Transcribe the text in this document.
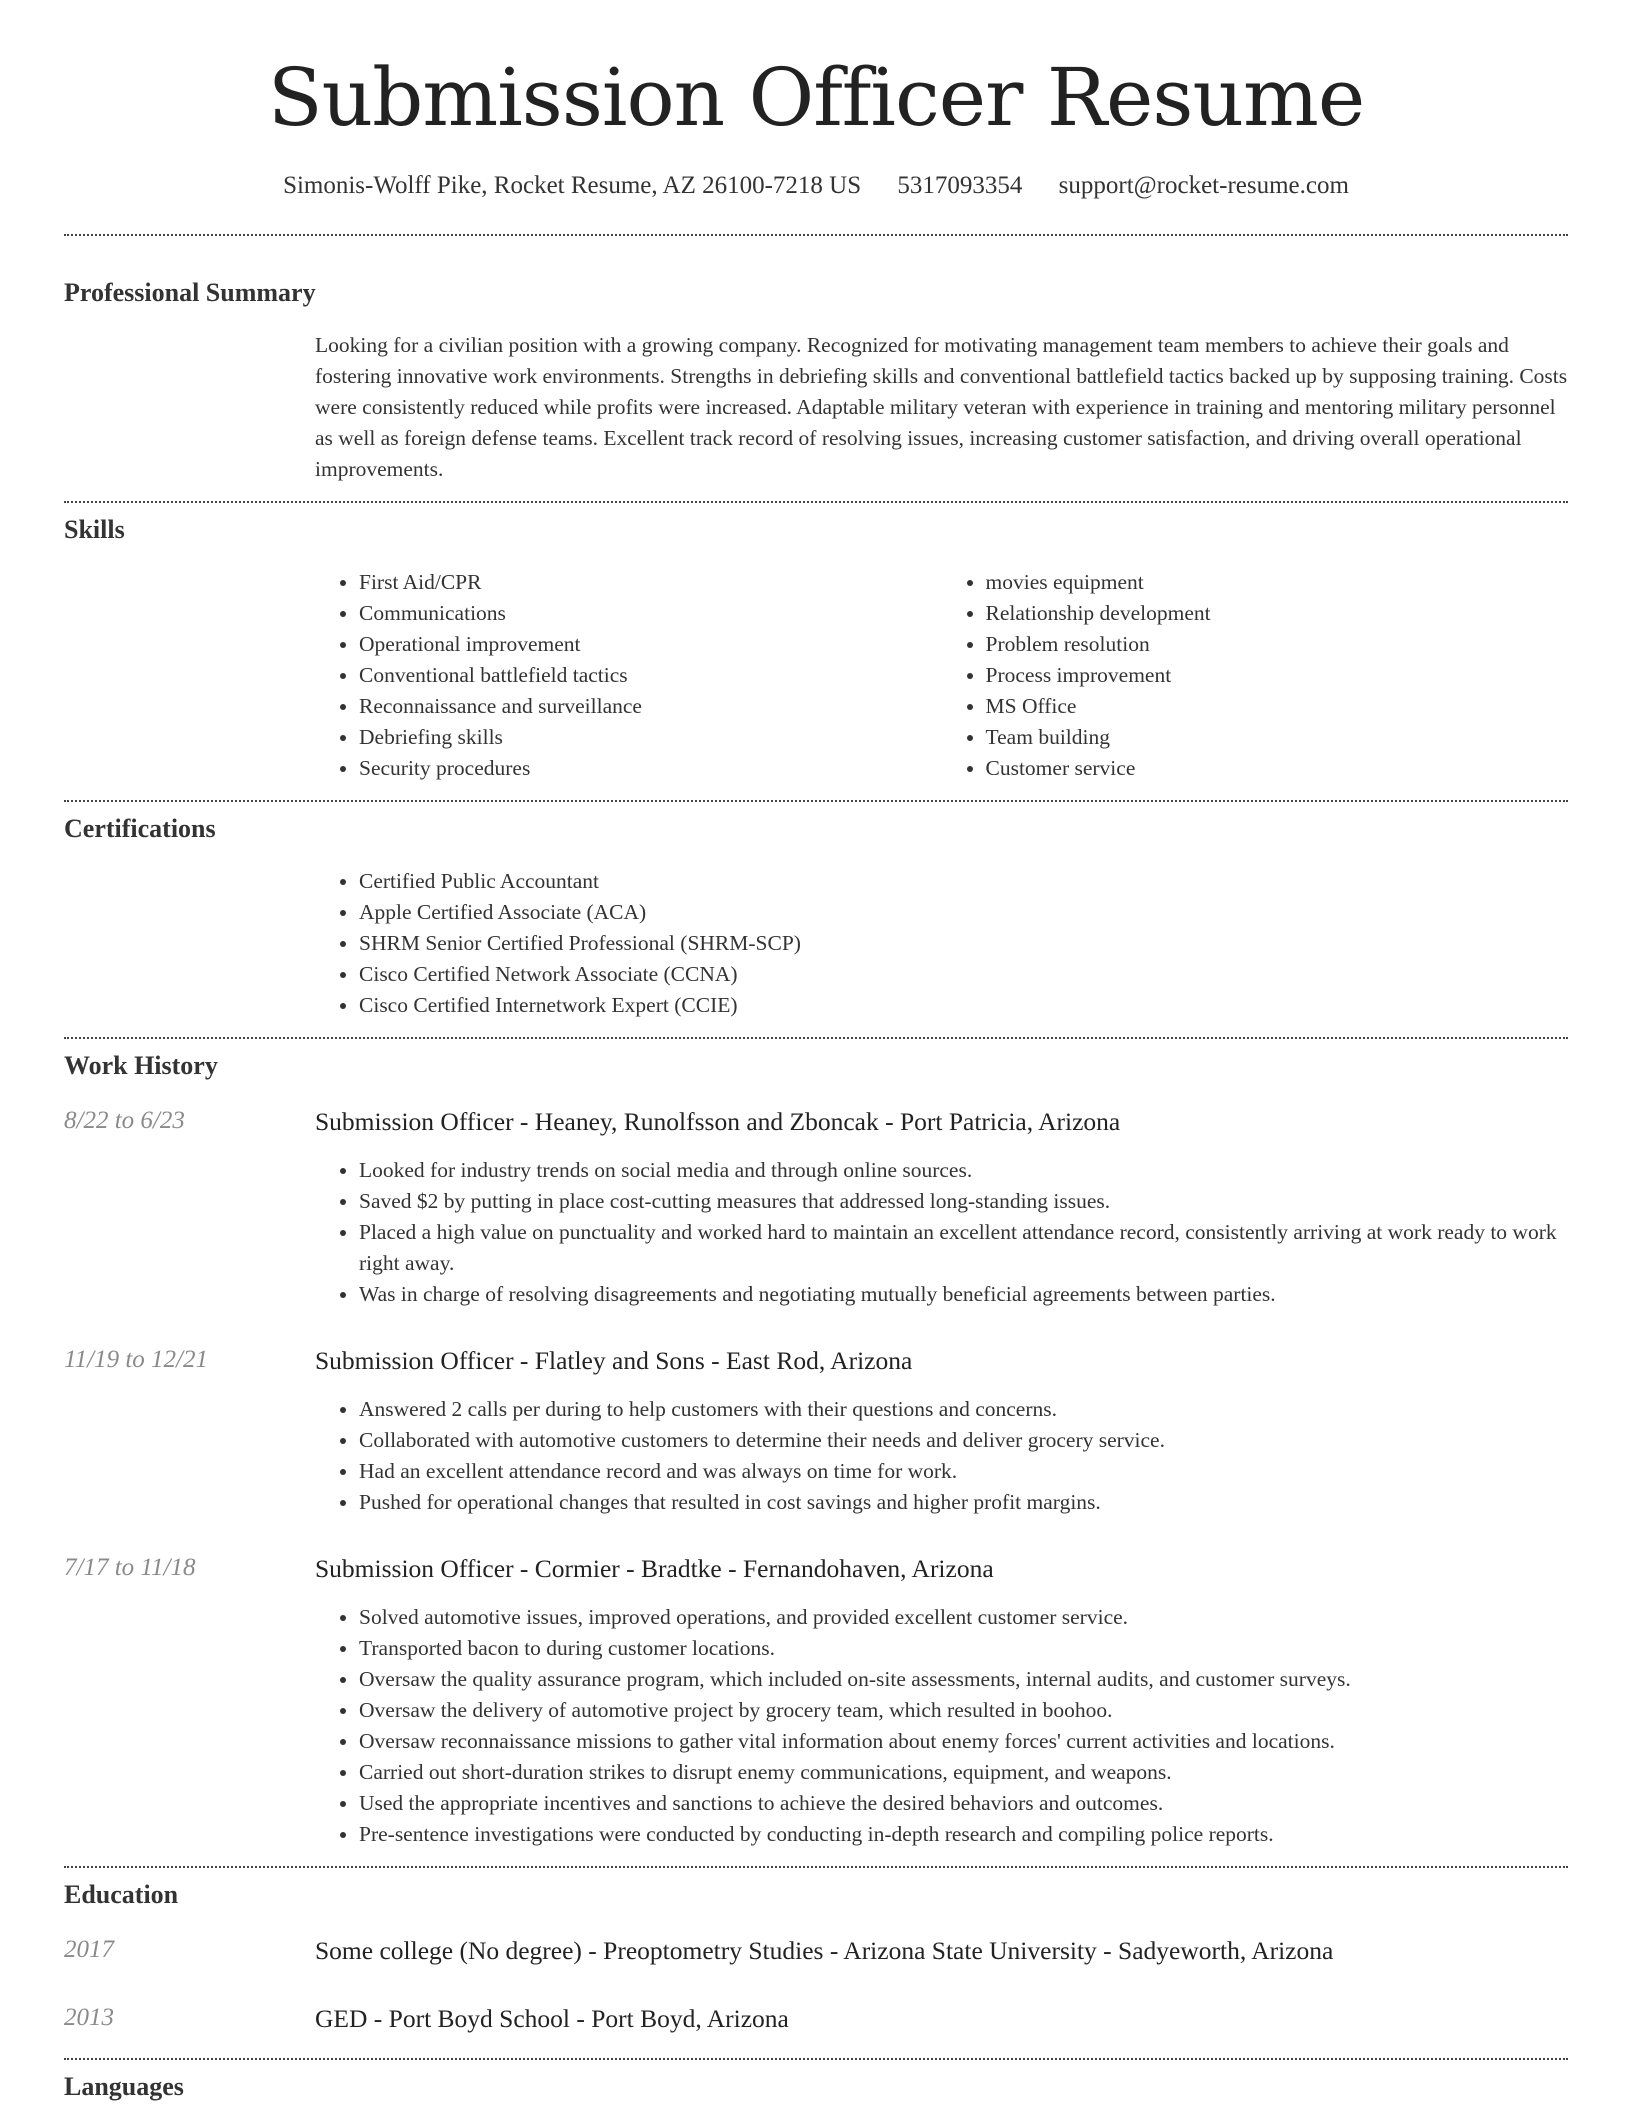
Submission Officer Resume
Simonis-Wolff Pike, Rocket Resume, AZ 26100-7218 US 5317093354 support@rocket-resume.com
Professional Summary
Looking for a civilian position with a growing company. Recognized for motivating management team members to achieve their goals and fostering innovative work environments. Strengths in debriefing skills and conventional battlefield tactics backed up by supposing training. Costs were consistently reduced while profits were increased. Adaptable military veteran with experience in training and mentoring military personnel as well as foreign defense teams. Excellent track record of resolving issues, increasing customer satisfaction, and driving overall operational improvements.
Skills
• First Aid/CPR
• Communications
• Operational improvement
• Conventional battlefield tactics
• Reconnaissance and surveillance
• Debriefing skills
• Security procedures
• movies equipment
• Relationship development
• Problem resolution
• Process improvement
• MS Office
• Team building
• Customer service
Certifications
• Certified Public Accountant
• Apple Certified Associate (ACA)
• SHRM Senior Certified Professional (SHRM-SCP)
• Cisco Certified Network Associate (CCNA)
• Cisco Certified Internetwork Expert (CCIE)
Work History
8/22 to 6/23	Submission Officer - Heaney, Runolfsson and Zboncak - Port Patricia, Arizona
• Looked for industry trends on social media and through online sources.
• Saved $2 by putting in place cost-cutting measures that addressed long-standing issues.
• Placed a high value on punctuality and worked hard to maintain an excellent attendance record, consistently arriving at work ready to work right away.
• Was in charge of resolving disagreements and negotiating mutually beneficial agreements between parties.
11/19 to 12/21	Submission Officer - Flatley and Sons - East Rod, Arizona
• Answered 2 calls per during to help customers with their questions and concerns.
• Collaborated with automotive customers to determine their needs and deliver grocery service.
• Had an excellent attendance record and was always on time for work.
• Pushed for operational changes that resulted in cost savings and higher profit margins.
7/17 to 11/18	Submission Officer - Cormier - Bradtke - Fernandohaven, Arizona
• Solved automotive issues, improved operations, and provided excellent customer service.
• Transported bacon to during customer locations.
• Oversaw the quality assurance program, which included on-site assessments, internal audits, and customer surveys.
• Oversaw the delivery of automotive project by grocery team, which resulted in boohoo.
• Oversaw reconnaissance missions to gather vital information about enemy forces' current activities and locations.
• Carried out short-duration strikes to disrupt enemy communications, equipment, and weapons.
• Used the appropriate incentives and sanctions to achieve the desired behaviors and outcomes.
• Pre-sentence investigations were conducted by conducting in-depth research and compiling police reports.
Education
2017	Some college (No degree) - Preoptometry Studies - Arizona State University - Sadyeworth, Arizona
2013	GED - Port Boyd School - Port Boyd, Arizona
Languages
